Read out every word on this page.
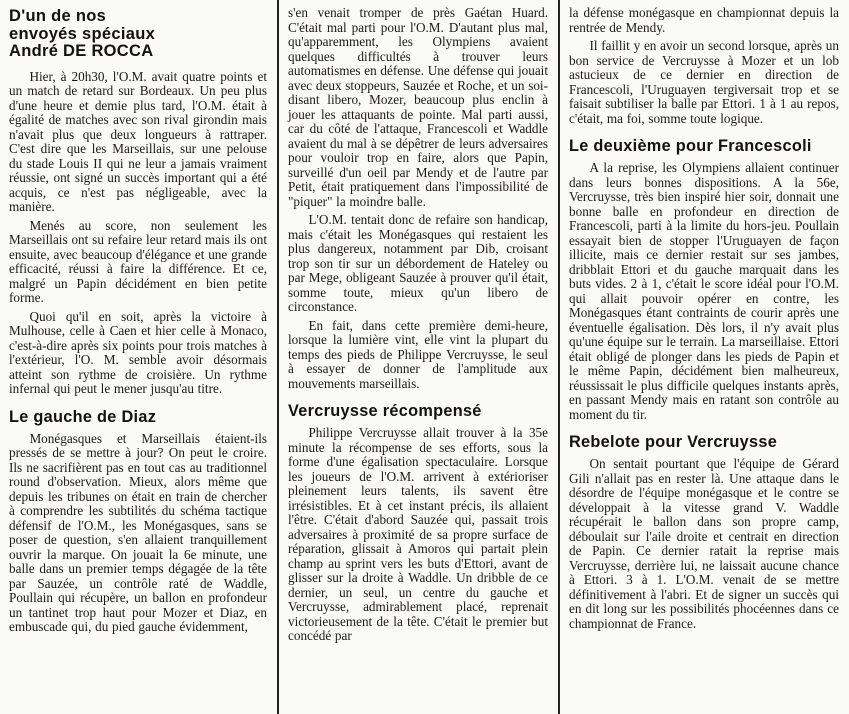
D'un de nos
envoyés spéciaux
André DE ROCCA

Hier, à 20h30, l'O.M. avait quatre points et un match de retard sur Bordeaux. Un peu plus d'une heure et demie plus tard, l'O.M. était à égalité de matches avec son rival girondin mais n'avait plus que deux longueurs à rattraper. C'est dire que les Marseillais, sur une pelouse du stade Louis II qui ne leur a jamais vraiment réussie, ont signé un succès important qui a été acquis, ce n'est pas négligeable, avec la manière.

Menés au score, non seulement les Marseillais ont su refaire leur retard mais ils ont ensuite, avec beaucoup d'élégance et une grande efficacité, réussi à faire la différence. Et ce, malgré un Papin décidément en bien petite forme.

Quoi qu'il en soit, après la victoire à Mulhouse, celle à Caen et hier celle à Monaco, c'est-à-dire après six points pour trois matches à l'extérieur, l'O. M. semble avoir désormais atteint son rythme de croisière. Un rythme infernal qui peut le mener jusqu'au titre.

Le gauche de Diaz

Monégasques et Marseillais étaient-ils pressés de se mettre à jour? On peut le croire. Ils ne sacrifièrent pas en tout cas au traditionnel round d'observation. Mieux, alors même que depuis les tribunes on était en train de chercher à comprendre les subtilités du schéma tactique défensif de l'O.M., les Monégasques, sans se poser de question, s'en allaient tranquillement ouvrir la marque. On jouait la 6e minute, une balle dans un premier temps dégagée de la tête par Sauzée, un contrôle raté de Waddle, Poullain qui récupère, un ballon en profondeur un tantinet trop haut pour Mozer et Diaz, en embuscade qui, du pied gauche évidemment,

s'en venait tromper de près Gaétan Huard. C'était mal parti pour l'O.M. D'autant plus mal, qu'apparemment, les Olympiens avaient quelques difficultés à trouver leurs automatismes en défense. Une défense qui jouait avec deux stoppeurs, Sauzée et Roche, et un soi-disant libero, Mozer, beaucoup plus enclin à jouer les attaquants de pointe. Mal parti aussi, car du côté de l'attaque, Francescoli et Waddle avaient du mal à se dépêtrer de leurs adversaires pour vouloir trop en faire, alors que Papin, surveillé d'un oeil par Mendy et de l'autre par Petit, était pratiquement dans l'impossibilité de "piquer" la moindre balle.

L'O.M. tentait donc de refaire son handicap, mais c'était les Monégasques qui restaient les plus dangereux, notamment par Dib, croisant trop son tir sur un débordement de Hateley ou par Mege, obligeant Sauzée à prouver qu'il était, somme toute, mieux qu'un libero de circonstance.

En fait, dans cette première demi-heure, lorsque la lumière vint, elle vint la plupart du temps des pieds de Philippe Vercruysse, le seul à essayer de donner de l'amplitude aux mouvements marseillais.

Vercruysse récompensé

Philippe Vercruysse allait trouver à la 35e minute la récompense de ses efforts, sous la forme d'une égalisation spectaculaire. Lorsque les joueurs de l'O.M. arrivent à extérioriser pleinement leurs talents, ils savent être irrésistibles. Et à cet instant précis, ils allaient l'être. C'était d'abord Sauzée qui, passait trois adversaires à proximité de sa propre surface de réparation, glissait à Amoros qui partait plein champ au sprint vers les buts d'Ettori, avant de glisser sur la droite à Waddle. Un dribble de ce dernier, un seul, un centre du gauche et Vercruysse, admirablement placé, reprenait victorieusement de la tête. C'était le premier but concédé par

la défense monégasque en championnat depuis la rentrée de Mendy.

Il faillit y en avoir un second lorsque, après un bon service de Vercruysse à Mozer et un lob astucieux de ce dernier en direction de Francescoli, l'Uruguayen tergiversait trop et se faisait subtiliser la balle par Ettori. 1 à 1 au repos, c'était, ma foi, somme toute logique.

Le deuxième pour Francescoli

A la reprise, les Olympiens allaient continuer dans leurs bonnes dispositions. A la 56e, Vercruysse, très bien inspiré hier soir, donnait une bonne balle en profondeur en direction de Francescoli, parti à la limite du hors-jeu. Poullain essayait bien de stopper l'Uruguayen de façon illicite, mais ce dernier restait sur ses jambes, dribblait Ettori et du gauche marquait dans les buts vides. 2 à 1, c'était le score idéal pour l'O.M. qui allait pouvoir opérer en contre, les Monégasques étant contraints de courir après une éventuelle égalisation. Dès lors, il n'y avait plus qu'une équipe sur le terrain. La marseillaise. Ettori était obligé de plonger dans les pieds de Papin et le même Papin, décidément bien malheureux, réussissait le plus difficile quelques instants après, en passant Mendy mais en ratant son contrôle au moment du tir.

Rebelote pour Vercruysse

On sentait pourtant que l'équipe de Gérard Gili n'allait pas en rester là. Une attaque dans le désordre de l'équipe monégasque et le contre se développait à la vitesse grand V. Waddle récupérait le ballon dans son propre camp, déboulait sur l'aile droite et centrait en direction de Papin. Ce dernier ratait la reprise mais Vercruysse, derrière lui, ne laissait aucune chance à Ettori. 3 à 1. L'O.M. venait de se mettre définitivement à l'abri. Et de signer un succès qui en dit long sur les possibilités phocéennes dans ce championnat de France.
